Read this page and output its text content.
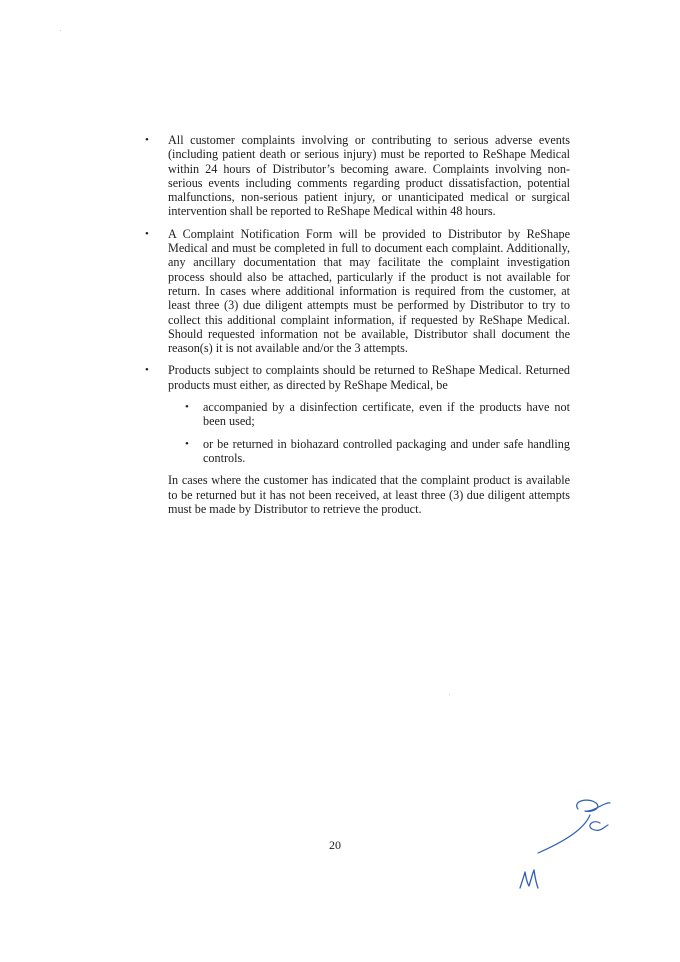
• All customer complaints involving or contributing to serious adverse events (including patient death or serious injury) must be reported to ReShape Medical within 24 hours of Distributor’s becoming aware. Complaints involving non-serious events including comments regarding product dissatisfaction, potential malfunctions, non-serious patient injury, or unanticipated medical or surgical intervention shall be reported to ReShape Medical within 48 hours.
• A Complaint Notification Form will be provided to Distributor by ReShape Medical and must be completed in full to document each complaint. Additionally, any ancillary documentation that may facilitate the complaint investigation process should also be attached, particularly if the product is not available for return. In cases where additional information is required from the customer, at least three (3) due diligent attempts must be performed by Distributor to try to collect this additional complaint information, if requested by ReShape Medical. Should requested information not be available, Distributor shall document the reason(s) it is not available and/or the 3 attempts.
• Products subject to complaints should be returned to ReShape Medical. Returned products must either, as directed by ReShape Medical, be
• accompanied by a disinfection certificate, even if the products have not been used;
• or be returned in biohazard controlled packaging and under safe handling controls.

In cases where the customer has indicated that the complaint product is available to be returned but it has not been received, at least three (3) due diligent attempts must be made by Distributor to retrieve the product.

20
